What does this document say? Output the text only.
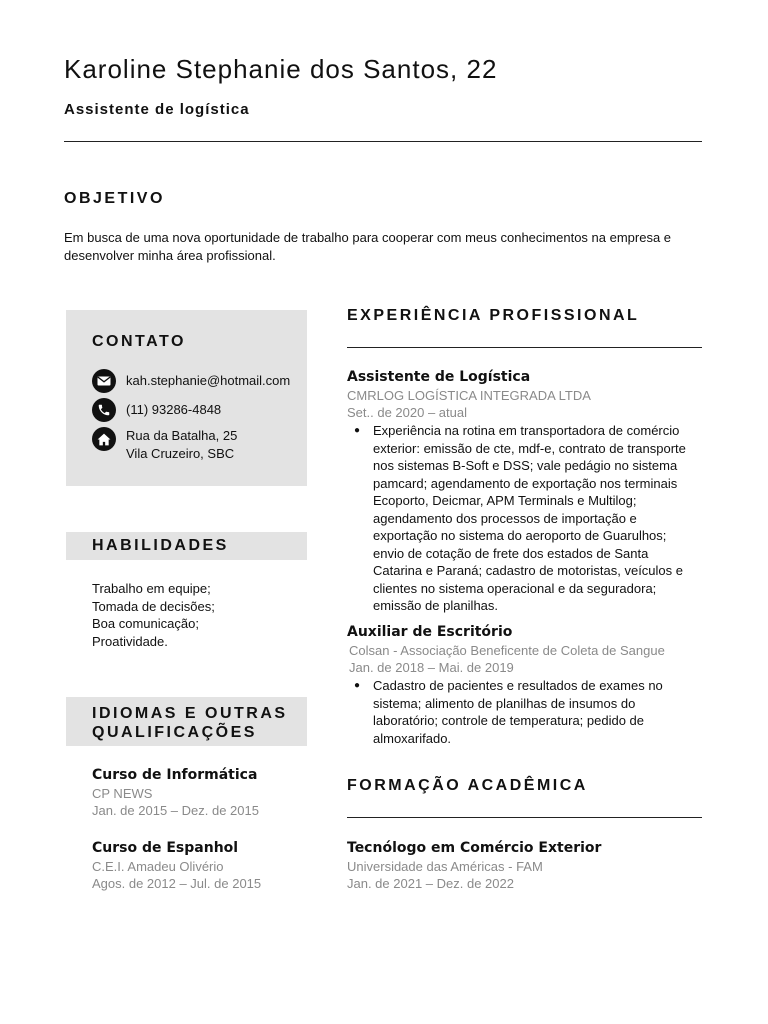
Karoline Stephanie dos Santos, 22
Assistente de logística
OBJETIVO
Em busca de uma nova oportunidade de trabalho para cooperar com meus conhecimentos na empresa e desenvolver minha área profissional.
CONTATO
kah.stephanie@hotmail.com
(11) 93286-4848
Rua da Batalha, 25
Vila Cruzeiro, SBC
HABILIDADES
Trabalho em equipe;
Tomada de decisões;
Boa comunicação;
Proatividade.
IDIOMAS E OUTRAS
QUALIFICAÇÕES
Curso de Informática
CP NEWS
Jan. de 2015 – Dez. de 2015
Curso de Espanhol
C.E.I. Amadeu Olivério
Agos. de 2012 – Jul. de 2015
EXPERIÊNCIA PROFISSIONAL
Assistente de Logística
CMRLOG LOGÍSTICA INTEGRADA LTDA
Set.. de 2020 – atual
● Experiência na rotina em transportadora de comércio
exterior: emissão de cte, mdf-e, contrato de transporte
nos sistemas B-Soft e DSS; vale pedágio no sistema
pamcard; agendamento de exportação nos terminais
Ecoporto, Deicmar, APM Terminals e Multilog;
agendamento dos processos de importação e
exportação no sistema do aeroporto de Guarulhos;
envio de cotação de frete dos estados de Santa
Catarina e Paraná; cadastro de motoristas, veículos e
clientes no sistema operacional e da seguradora;
emissão de planilhas.
Auxiliar de Escritório
Colsan - Associação Beneficente de Coleta de Sangue
Jan. de 2018 – Mai. de 2019
● Cadastro de pacientes e resultados de exames no
sistema; alimento de planilhas de insumos do
laboratório; controle de temperatura; pedido de
almoxarifado.
FORMAÇÃO ACADÊMICA
Tecnólogo em Comércio Exterior
Universidade das Américas - FAM
Jan. de 2021 – Dez. de 2022
